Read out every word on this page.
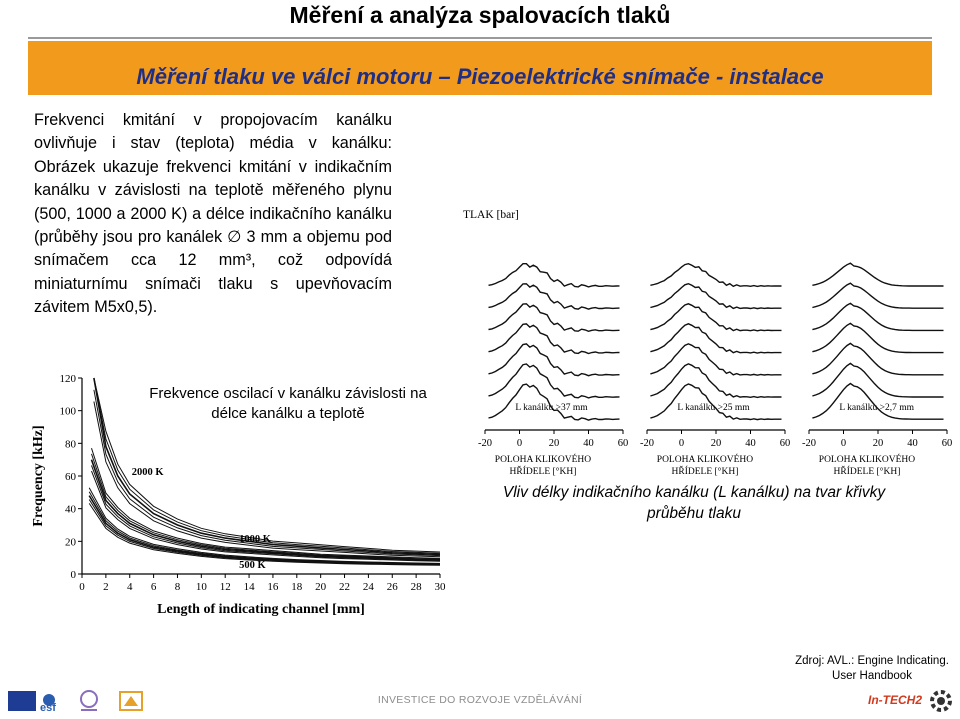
Měření a analýza spalovacích tlaků
Měření tlaku ve válci motoru – Piezoelektrické snímače - instalace
Frekvenci kmitání v propojovacím kanálku ovlivňuje i stav (teplota) média v kanálku: Obrázek ukazuje frekvenci kmitání v indikačním kanálku v závislosti na teplotě měřeného plynu (500, 1000 a 2000 K) a délce indikačního kanálku (průběhy jsou pro kanálek ∅ 3 mm a objemu pod snímačem cca 12 mm³, což odpovídá miniaturnímu snímači tlaku s upevňovacím závitem M5x0,5).
0 2 4 6 8 10 12 14 16 18 20 22 24 26 28 30
0
20
40
60
80
100
120
Length of indicating channel [mm]
Frequency [kHz]	2000 K
1000 K
500 K
Frekvence oscilací v kanálku závislosti na délce kanálku a teplotě
TLAK [bar]
-20 0	20 40 60
L kanálku >37 mm
POLOHA KLIKOVÉHO
HŘÍDELE [°KH]
-20 0	20 40 60
L kanálku >25 mm
POLOHA KLIKOVÉHO
HŘÍDELE [°KH]
-20 0	20 40 60
L kanálku >2,7 mm
POLOHA KLIKOVÉHO
HŘÍDELE [°KH]
Vliv délky indikačního kanálku (L kanálku) na tvar křivky průběhu tlaku
Zdroj: AVL.: Engine Indicating.
User Handbook
INVESTICE DO ROZVOJE VZDĚLÁVÁNÍ
esf
In-TECH2
